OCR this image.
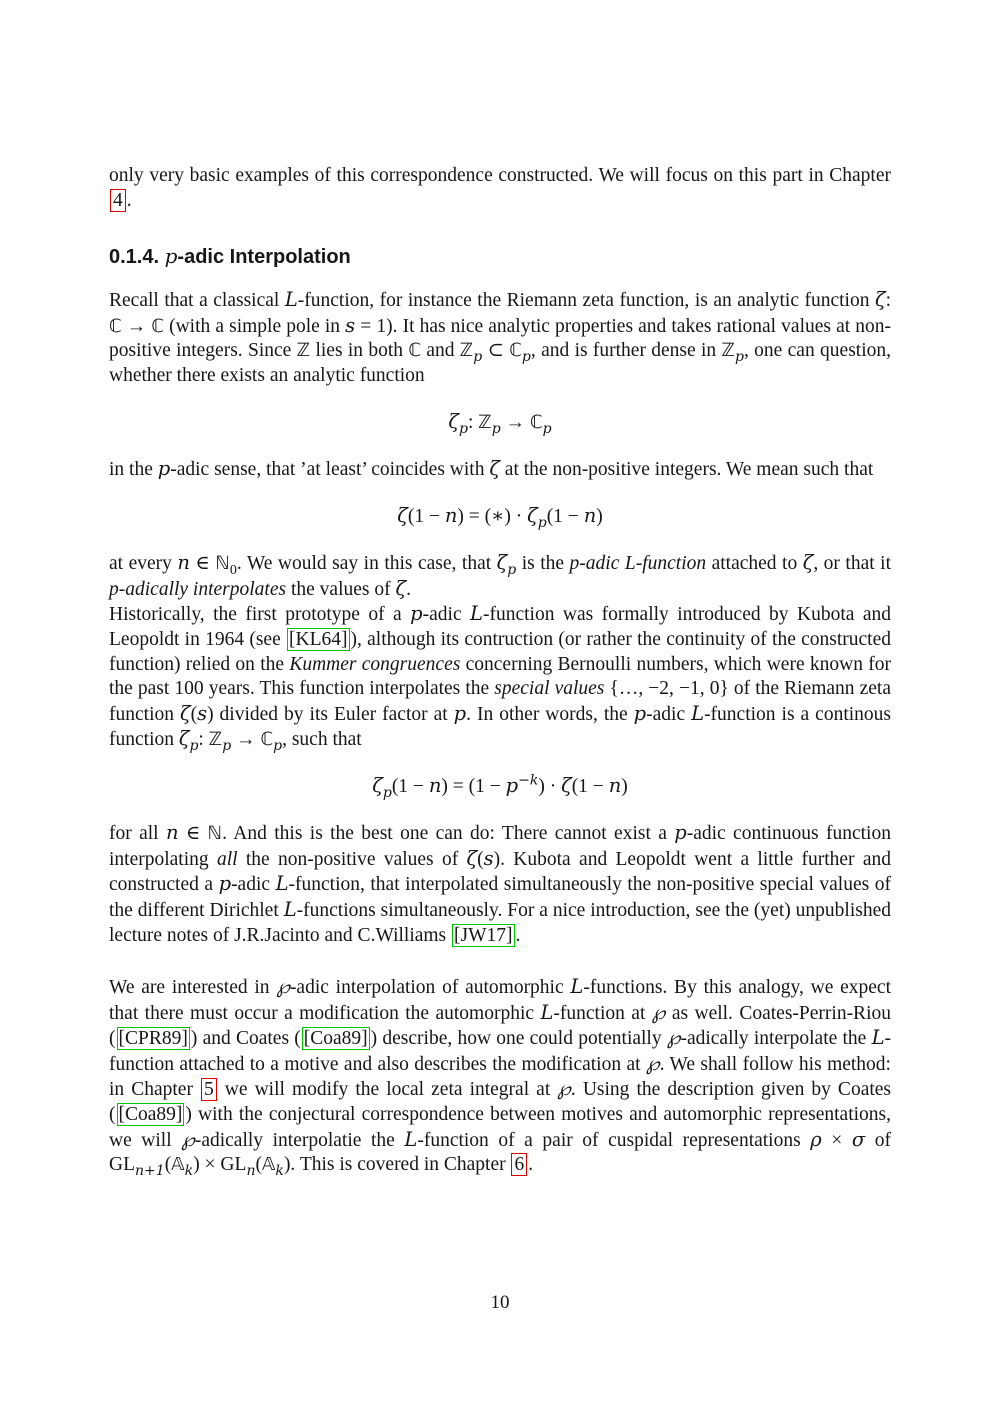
only very basic examples of this correspondence constructed. We will focus on this part in Chapter 4 .
0.1.4. p-adic Interpolation
Recall that a classical L-function, for instance the Riemann zeta function, is an analytic function ζ: ℂ → ℂ (with a simple pole in s = 1). It has nice analytic properties and takes rational values at non-positive integers. Since ℤ lies in both ℂ and ℤ$_p$ ⊂ ℂ$_p$, and is further dense in ℤ$_p$, one can question, whether there exists an analytic function
$\zeta_p$: ℤ$_p$ → ℂ$_p$
in the p-adic sense, that ’at least’ coincides with ζ at the non-positive integers. We mean such that
ζ(1 − n) = (∗) · $\zeta_p(1 - n)$
at every n ∈ ℕ$_0$. We would say in this case, that $\zeta_p$ is the p-adic L-function attached to ζ, or that it p-adically interpolates the values of ζ.
Historically, the first prototype of a p-adic L-function was formally introduced by Kubota and Leopoldt in 1964 (see [KL64] ), although its contruction (or rather the continuity of the constructed function) relied on the Kummer congruences concerning Bernoulli numbers, which were known for the past 100 years. This function interpolates the special values {…, −2, −1, 0} of the Riemann zeta function ζ(s) divided by its Euler factor at p. In other words, the p-adic L-function is a continous function $\zeta_p$: ℤ$_p$ → ℂ$_p$, such that
$\zeta_p(1 - n) = (1 - p^{-k}) \cdot \zeta(1 - n)$
for all n ∈ ℕ. And this is the best one can do: There cannot exist a p-adic continuous function interpolating all the non-positive values of ζ(s). Kubota and Leopoldt went a little further and constructed a p-adic L-function, that interpolated simultaneously the non-positive special values of the different Dirichlet L-functions simultaneously. For a nice introduction, see the (yet) unpublished lecture notes of J.R.Jacinto and C.Williams [JW17] .
We are interested in ℘-adic interpolation of automorphic L-functions. By this analogy, we expect that there must occur a modification the automorphic L-function at ℘ as well. Coates-Perrin-Riou ( [CPR89] ) and Coates ( [Coa89] ) describe, how one could potentially ℘-adically interpolate the L-function attached to a motive and also describes the modification at ℘. We shall follow his method: in Chapter 5 we will modify the local zeta integral at ℘. Using the description given by Coates ( [Coa89] ) with the conjectural correspondence between motives and automorphic representations, we will ℘-adically interpolatie the L-function of a pair of cuspidal representations ρ × σ of $GL_{n+1}(𝔸_k)$ × $GL_n(𝔸_k)$. This is covered in Chapter 6 .
10
